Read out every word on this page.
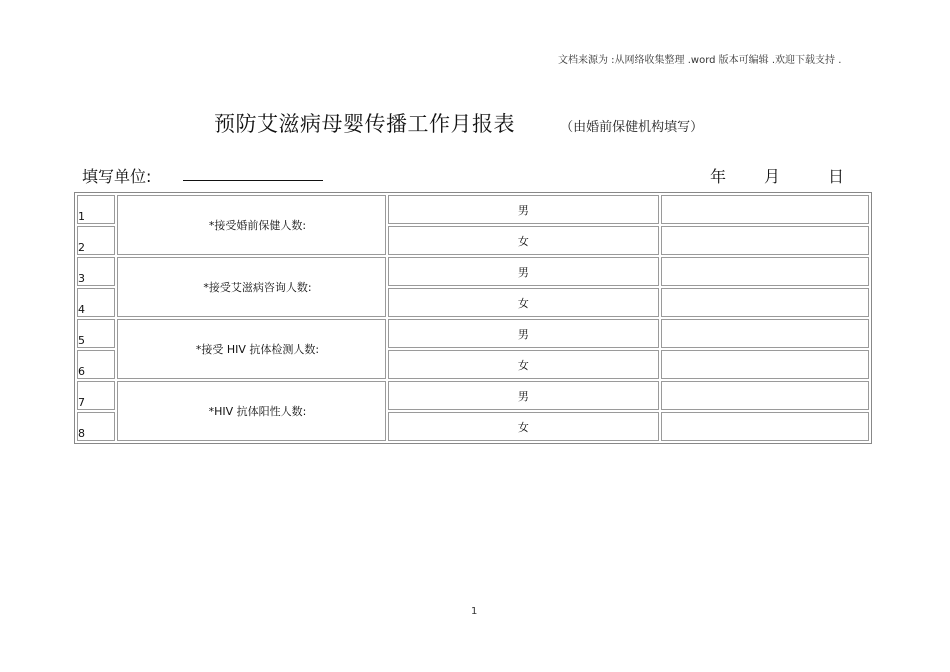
文档来源为 :从网络收集整理 .word 版本可编辑 .欢迎下载支持 .
预防艾滋病母婴传播工作月报表	（由婚前保健机构填写）
填写单位:	年 月	日
1	*接受婚前保健人数:	男	
2		女	
3	*接受艾滋病咨询人数:	男	
4		女	
5	*接受 HIV 抗体检测人数:	男	
6		女	
7	*HIV 抗体阳性人数:	男	
8		女	
1
